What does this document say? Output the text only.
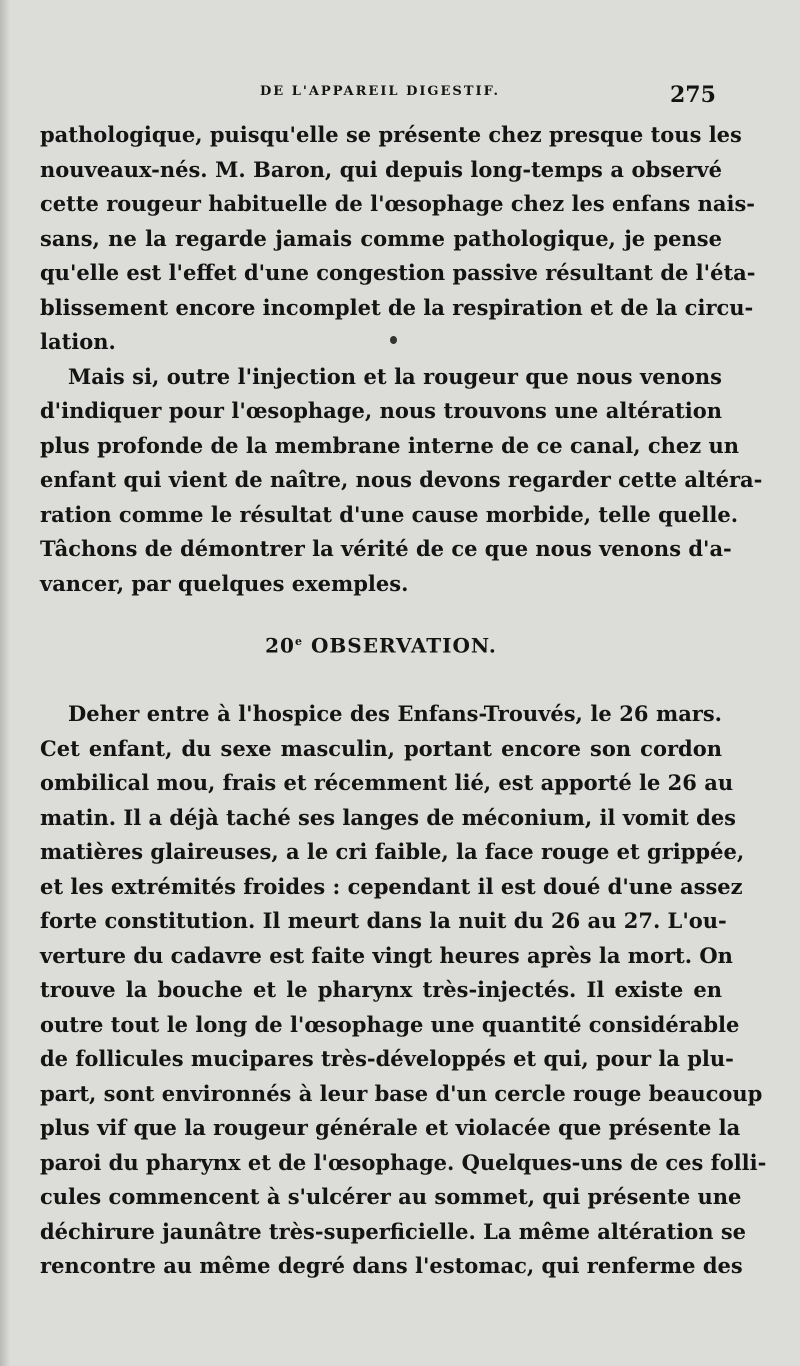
DE L'APPAREIL DIGESTIF.	275
pathologique, puisqu'elle se présente chez presque tous les
nouveaux-nés. M. Baron, qui depuis long-temps a observé
cette rougeur habituelle de l'œsophage chez les enfans nais-
sans, ne la regarde jamais comme pathologique, je pense
qu'elle est l'effet d'une congestion passive résultant de l'éta-
blissement encore incomplet de la respiration et de la circu-
lation.
Mais si, outre l'injection et la rougeur que nous venons
d'indiquer pour l'œsophage, nous trouvons une altération
plus profonde de la membrane interne de ce canal, chez un
enfant qui vient de naître, nous devons regarder cette altéra-
ration comme le résultat d'une cause morbide, telle quelle.
Tâchons de démontrer la vérité de ce que nous venons d'a-
vancer, par quelques exemples.
20e OBSERVATION.
Deher entre à l'hospice des Enfans-Trouvés, le 26 mars.
Cet enfant, du sexe masculin, portant encore son cordon
ombilical mou, frais et récemment lié, est apporté le 26 au
matin. Il a déjà taché ses langes de méconium, il vomit des
matières glaireuses, a le cri faible, la face rouge et grippée,
et les extrémités froides : cependant il est doué d'une assez
forte constitution. Il meurt dans la nuit du 26 au 27. L'ou-
verture du cadavre est faite vingt heures après la mort. On
trouve la bouche et le pharynx très-injectés. Il existe en
outre tout le long de l'œsophage une quantité considérable
de follicules mucipares très-développés et qui, pour la plu-
part, sont environnés à leur base d'un cercle rouge beaucoup
plus vif que la rougeur générale et violacée que présente la
paroi du pharynx et de l'œsophage. Quelques-uns de ces folli-
cules commencent à s'ulcérer au sommet, qui présente une
déchirure jaunâtre très-superficielle. La même altération se
rencontre au même degré dans l'estomac, qui renferme des
